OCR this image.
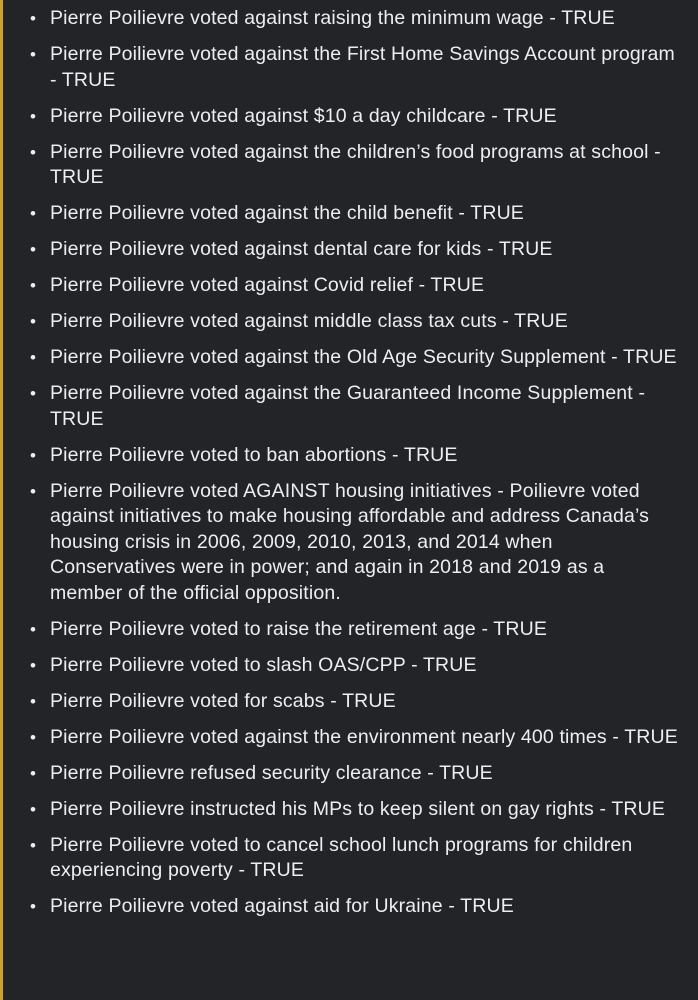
• Pierre Poilievre voted against raising the minimum wage - TRUE
• Pierre Poilievre voted against the First Home Savings Account program - TRUE
• Pierre Poilievre voted against $10 a day childcare - TRUE
• Pierre Poilievre voted against the children’s food programs at school - TRUE
• Pierre Poilievre voted against the child benefit - TRUE
• Pierre Poilievre voted against dental care for kids - TRUE
• Pierre Poilievre voted against Covid relief - TRUE
• Pierre Poilievre voted against middle class tax cuts - TRUE
• Pierre Poilievre voted against the Old Age Security Supplement - TRUE
• Pierre Poilievre voted against the Guaranteed Income Supplement - TRUE
• Pierre Poilievre voted to ban abortions - TRUE
• Pierre Poilievre voted AGAINST housing initiatives - Poilievre voted against initiatives to make housing affordable and address Canada’s housing crisis in 2006, 2009, 2010, 2013, and 2014 when Conservatives were in power; and again in 2018 and 2019 as a member of the official opposition.
• Pierre Poilievre voted to raise the retirement age - TRUE
• Pierre Poilievre voted to slash OAS/CPP - TRUE
• Pierre Poilievre voted for scabs - TRUE
• Pierre Poilievre voted against the environment nearly 400 times - TRUE
• Pierre Poilievre refused security clearance - TRUE
• Pierre Poilievre instructed his MPs to keep silent on gay rights - TRUE
• Pierre Poilievre voted to cancel school lunch programs for children experiencing poverty - TRUE
• Pierre Poilievre voted against aid for Ukraine - TRUE
